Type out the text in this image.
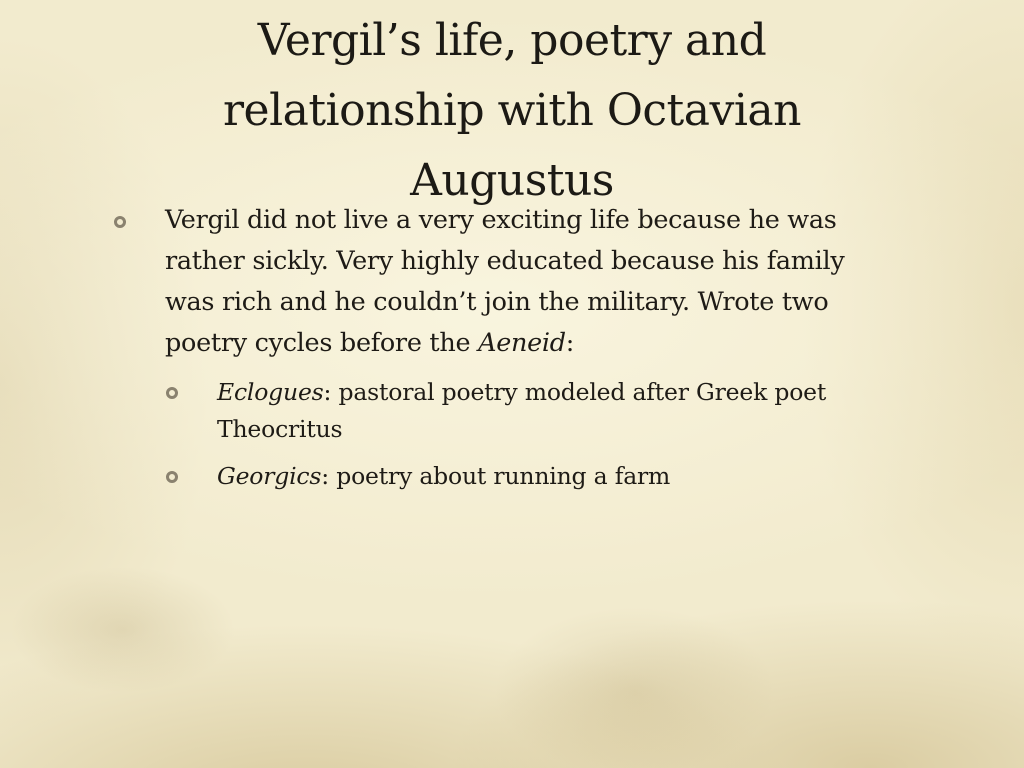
Vergil’s life, poetry and
relationship with Octavian
Augustus
Vergil did not live a very exciting life because he was
rather sickly. Very highly educated because his family
was rich and he couldn’t join the military. Wrote two
poetry cycles before the Aeneid:
Eclogues: pastoral poetry modeled after Greek poet
Theocritus
Georgics: poetry about running a farm
